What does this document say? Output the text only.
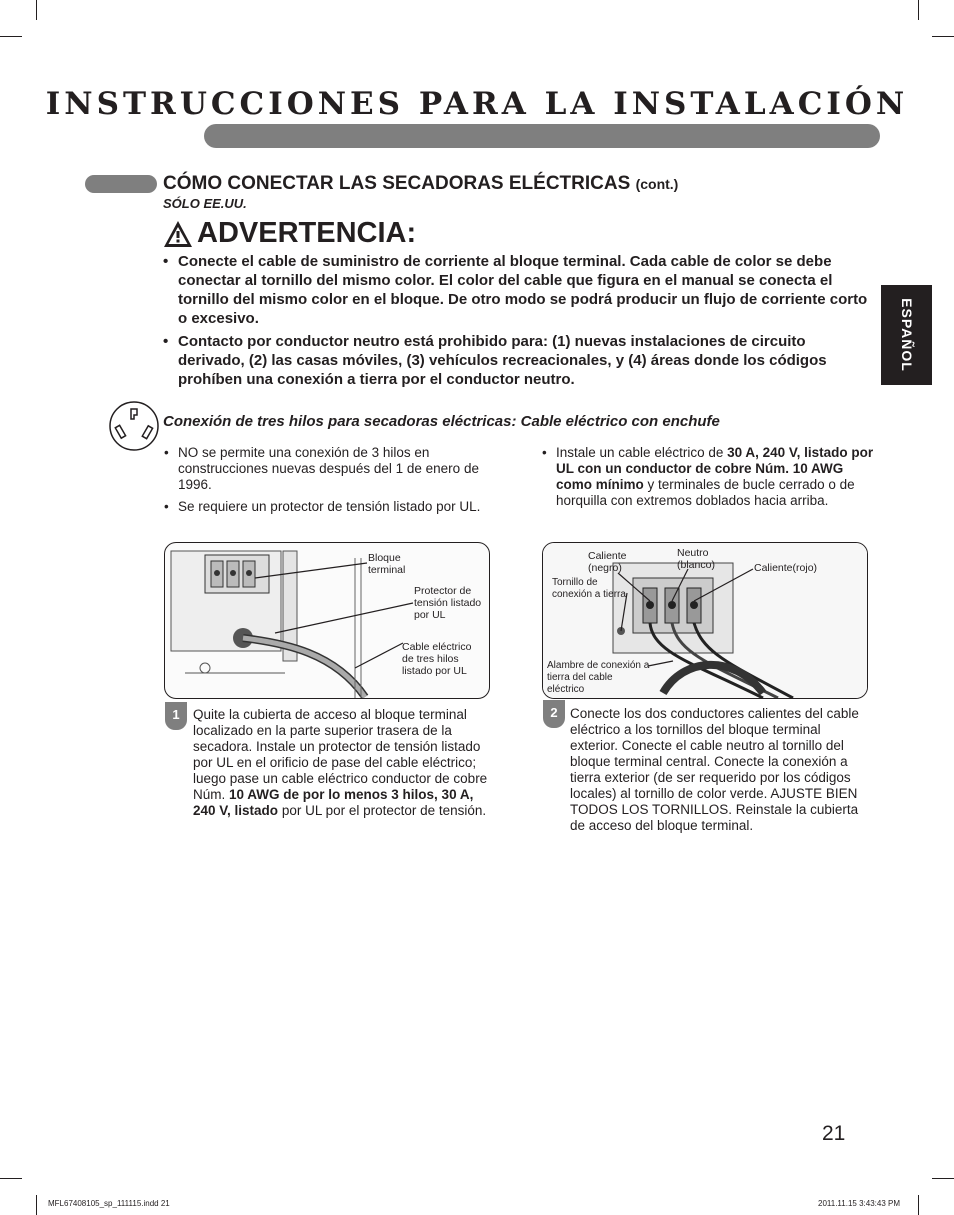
INSTRUCCIONES PARA LA INSTALACIÓN
CÓMO CONECTAR LAS SECADORAS ELÉCTRICAS (cont.)
SÓLO EE.UU.
ADVERTENCIA:
• Conecte el cable de suministro de corriente al bloque terminal. Cada cable de color se debe conectar al tornillo del mismo color. El color del cable que figura en el manual se conecta el tornillo del mismo color en el bloque. De otro modo se podrá producir un flujo de corriente corto o excesivo.
• Contacto por conductor neutro está prohibido para: (1) nuevas instalaciones de circuito derivado, (2) las casas móviles, (3) vehículos recreacionales, y (4) áreas donde los códigos prohíben una conexión a tierra por el conductor neutro.
ESPAÑOL
Conexión de tres hilos para secadoras eléctricas: Cable eléctrico con enchufe
• NO se permite una conexión de 3 hilos en construcciones nuevas después del 1 de enero de 1996.
• Se requiere un protector de tensión listado por UL.
• Instale un cable eléctrico de 30 A, 240 V, listado por UL con un conductor de cobre Núm. 10 AWG como mínimo y terminales de bucle cerrado o de horquilla con extremos doblados hacia arriba.
Bloque terminal
Protector de tensión listado por UL
Cable eléctrico de tres hilos listado por UL
1 Quite la cubierta de acceso al bloque terminal localizado en la parte superior trasera de la secadora. Instale un protector de tensión listado por UL en el orificio de pase del cable eléctrico; luego pase un cable eléctrico conductor de cobre Núm. 10 AWG de por lo menos 3 hilos, 30 A, 240 V, listado por UL por el protector de tensión.
Caliente (negro)
Neutro (blanco)	Caliente(rojo)
Tornillo de conexión a tierra
Alambre de conexión a tierra del cable eléctrico
2 Conecte los dos conductores calientes del cable eléctrico a los tornillos del bloque terminal exterior. Conecte el cable neutro al tornillo del bloque terminal central. Conecte la conexión a tierra exterior (de ser requerido por los códigos locales) al tornillo de color verde. AJUSTE BIEN TODOS LOS TORNILLOS. Reinstale la cubierta de acceso del bloque terminal.
21
MFL67408105_sp_111115.indd 21	2011.11.15 3:43:43 PM
